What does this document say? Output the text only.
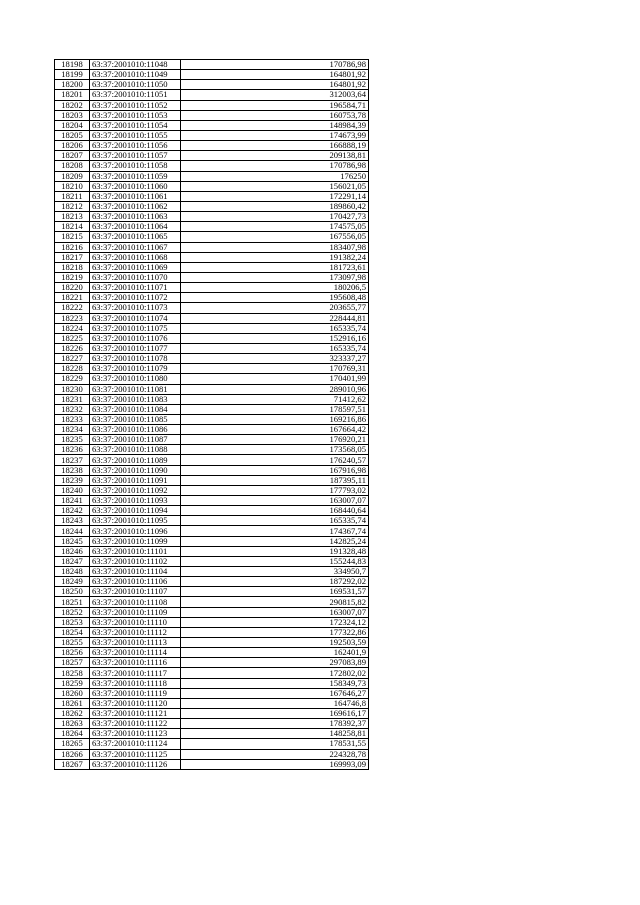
18198	63:37:2001010:11048	170786,98
18199	63:37:2001010:11049	164801,92
18200	63:37:2001010:11050	164801,92
18201	63:37:2001010:11051	312003,64
18202	63:37:2001010:11052	196584,71
18203	63:37:2001010:11053	160753,78
18204	63:37:2001010:11054	148984,39
18205	63:37:2001010:11055	174673,99
18206	63:37:2001010:11056	166888,19
18207	63:37:2001010:11057	209138,81
18208	63:37:2001010:11058	170786,98
18209	63:37:2001010:11059	176250
18210	63:37:2001010:11060	156021,05
18211	63:37:2001010:11061	172291,14
18212	63:37:2001010:11062	189860,42
18213	63:37:2001010:11063	170427,73
18214	63:37:2001010:11064	174575,05
18215	63:37:2001010:11065	167556,05
18216	63:37:2001010:11067	183407,98
18217	63:37:2001010:11068	191382,24
18218	63:37:2001010:11069	181723,61
18219	63:37:2001010:11070	173097,98
18220	63:37:2001010:11071	180206,5
18221	63:37:2001010:11072	195608,48
18222	63:37:2001010:11073	203655,77
18223	63:37:2001010:11074	228444,81
18224	63:37:2001010:11075	165335,74
18225	63:37:2001010:11076	152916,16
18226	63:37:2001010:11077	165335,74
18227	63:37:2001010:11078	323337,27
18228	63:37:2001010:11079	170769,31
18229	63:37:2001010:11080	170401,99
18230	63:37:2001010:11081	289010,96
18231	63:37:2001010:11083	71412,62
18232	63:37:2001010:11084	178597,51
18233	63:37:2001010:11085	169216,86
18234	63:37:2001010:11086	167664,42
18235	63:37:2001010:11087	176920,21
18236	63:37:2001010:11088	173568,05
18237	63:37:2001010:11089	176240,57
18238	63:37:2001010:11090	167916,98
18239	63:37:2001010:11091	187395,11
18240	63:37:2001010:11092	177793,02
18241	63:37:2001010:11093	163007,07
18242	63:37:2001010:11094	168440,64
18243	63:37:2001010:11095	165335,74
18244	63:37:2001010:11096	174367,74
18245	63:37:2001010:11099	142825,24
18246	63:37:2001010:11101	191328,48
18247	63:37:2001010:11102	155244,83
18248	63:37:2001010:11104	334950,7
18249	63:37:2001010:11106	187292,02
18250	63:37:2001010:11107	169531,57
18251	63:37:2001010:11108	290815,82
18252	63:37:2001010:11109	163007,07
18253	63:37:2001010:11110	172324,12
18254	63:37:2001010:11112	177322,86
18255	63:37:2001010:11113	192503,59
18256	63:37:2001010:11114	162401,9
18257	63:37:2001010:11116	297083,89
18258	63:37:2001010:11117	172802,02
18259	63:37:2001010:11118	158349,73
18260	63:37:2001010:11119	167646,27
18261	63:37:2001010:11120	164746,8
18262	63:37:2001010:11121	169616,17
18263	63:37:2001010:11122	178392,37
18264	63:37:2001010:11123	148258,81
18265	63:37:2001010:11124	178531,55
18266	63:37:2001010:11125	224328,78
18267	63:37:2001010:11126	169993,09
